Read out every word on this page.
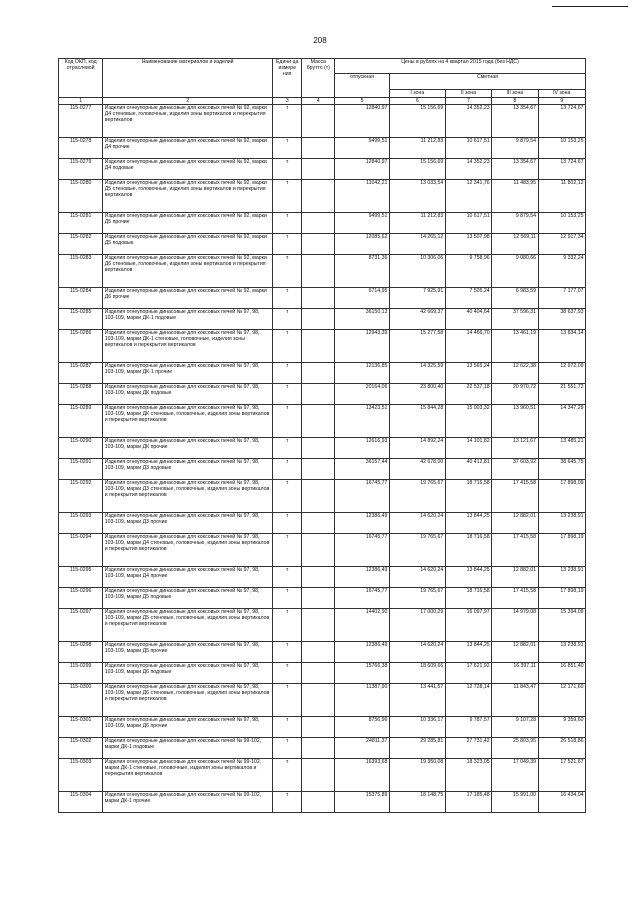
208
Код ОКП, код отраслевой	Наименование материалов и изделий	Едини ца измере ния	Масса брутто (т)	Цены в рублях на 4 квартал 2015 года (без НДС)				
				отпускная	Сметная			
					I зона	II зона	III зона	IV зона
1	2	3	4	5	6	7	8	9
115-0277	Изделия огнеупорные динасовые для коксовых печей № 92, марки Д4 стеновые, головочные, изделия зоны вертикалов и перекрытия вертикалов	т		12840,97	15 156,69	14 352,23	13 354,67	13 724,67
115-0278	Изделия огнеупорные динасовые для коксовых печей № 92, марки Д4 прочие	т		9499,51	11 212,83	10 617,51	9 879,54	10 153,25
115-0279	Изделия огнеупорные динасовые для коксовых печей № 92, марки Д4 подовые	т		12840,97	15 156,69	14 352,23	13 354,67	13 724,67
115-0280	Изделия огнеупорные динасовые для коксовых печей № 92, марки Д5 стеновые, головочные, изделия зоны вертикалов и перекрытия вертикалов	т		11042,21	13 033,54	12 341,76	11 483,95	11 802,12
115-0281	Изделия огнеупорные динасовые для коксовых печей № 92, марки Д5 прочие	т		9499,51	11 212,83	10 617,51	9 879,54	10 153,25
115-0282	Изделия огнеупорные динасовые для коксовых печей № 92, марки Д5 подовые	т		12085,62	14 265,12	13 507,98	12 569,11	12 917,34
115-0283	Изделия огнеупорные динасовые для коксовых печей № 92, марки Д6 стеновые, головочные, изделия зоны вертикалов и перекрытия вертикалов	т		8731,36	10 306,06	9 758,96	9 080,66	9 332,24
115-0284	Изделия огнеупорные динасовые для коксовых печей № 92, марки Д6 прочие	т		6714,95	7 925,91	7 505,24	6 983,59	7 177,07
115-0285	Изделия огнеупорные динасовые для коксовых печей № 97, 98, 103-109, марки ДК-1 подовые	т		36150,13	42 669,37	40 404,64	37 596,31	38 637,93
115-0286	Изделия огнеупорные динасовые для коксовых печей № 97, 98, 103-109, марки ДК-1 стеновые, головочные, изделия зоны вертикалов и перекрытия вертикалов	т		12943,39	15 277,58	14 466,70	13 461,19	13 834,14
115-0287	Изделия огнеупорные динасовые для коксовых печей № 97, 98, 103-109, марки ДК-1 прочие	т		12136,85	14 325,59	13 565,24	12 622,38	12 972,09
115-0288	Изделия огнеупорные динасовые для коксовых печей № 97, 98, 103-109, марки ДК подовые	т		20164,06	23 800,40	22 537,18	20 970,72	21 551,72
115-0289	Изделия огнеупорные динасовые для коксовых печей № 97, 98, 103-109, марки ДК стеновые, головочные, изделия зоны вертикалов и перекрытия вертикалов	т		13423,51	15 844,28	15 003,32	13 960,51	14 347,29
115-0290	Изделия огнеупорные динасовые для коксовых печей № 97, 98, 103-109, марки ДК прочие	т		12616,93	14 892,24	14 101,82	13 121,67	13 485,21
115-0291	Изделия огнеупорные динасовые для коксовых печей № 97, 98, 103-109, марки Д3 подовые	т		36157,44	42 678,00	40 412,81	37 603,92	38 645,75
115-0292	Изделия огнеупорные динасовые для коксовых печей № 97, 98, 103-109, марки Д3 стеновые, головочные, изделия зоны вертикалов и перекрытия вертикалов	т		16745,77	19 765,67	18 716,58	17 415,58	17 898,09
115-0293	Изделия огнеупорные динасовые для коксовых печей № 97, 98, 103-109, марки Д3 прочие	т		12386,49	14 620,24	13 844,25	12 882,01	13 238,91
115-0294	Изделия огнеупорные динасовые для коксовых печей № 97, 98, 103-109, марки Д4 стеновые, головочные, изделия зоны вертикалов и перекрытия вертикалов	т		16745,77	19 765,67	18 716,58	17 415,58	17 898,19
115-0295	Изделия огнеупорные динасовые для коксовых печей № 97, 98, 103-109, марки Д4 прочие	т		12386,49	14 620,24	13 844,25	12 882,01	13 238,91
115-0296	Изделия огнеупорные динасовые для коксовых печей № 97, 98, 103-109, марки Д5 подовые	т		16745,77	19 765,67	18 716,58	17 415,58	17 898,19
115-0297	Изделия огнеупорные динасовые для коксовых печей № 97, 98, 103-109, марки Д5 стеновые, головочные, изделия зоны вертикалов и перекрытия вертикалов	т		14402,90	17 000,29	16 097,97	14 979,08	15 394,09
115-0298	Изделия огнеупорные динасовые для коксовых печей № 97, 98, 103-109, марки Д5 прочие	т		12386,49	14 620,24	13 844,25	12 882,01	13 238,91
115-0299	Изделия огнеупорные динасовые для коксовых печей № 97, 98, 103-109, марки Д6 подовые	т		15766,38	18 609,66	17 621,92	16 397,11	16 851,40
115-0300	Изделия огнеупорные динасовые для коксовых печей № 97, 98, 103-109, марки Д6 стеновые, головочные, изделия зоны вертикалов и перекрытия вертикалов	т		11387,90	13 441,57	12 728,14	11 843,47	12 171,60
115-0301	Изделия огнеупорные динасовые для коксовых печей № 97, 98, 103-109, марки Д6 прочие	т		8756,96	10 336,17	9 787,57	9 107,28	9 359,60
115-0302	Изделия огнеупорные динасовые для коксовых печей № 99-102, марки ДК-1 подовые	т		24811,37	29 285,81	27 731,42	25 803,95	26 518,86
115-0303	Изделия огнеупорные динасовые для коксовых печей № 99-102, марки ДК-1 стеновые, головочные, изделия зоны вертикалов и перекрытия вертикалов	т		16393,68	19 350,08	18 323,05	17 049,39	17 521,67
115-0304	Изделия огнеупорные динасовые для коксовых печей № 99-102, марки ДК-1 прочие	т		15375,89	18 148,75	17 185,48	15 991,00	16 434,04
